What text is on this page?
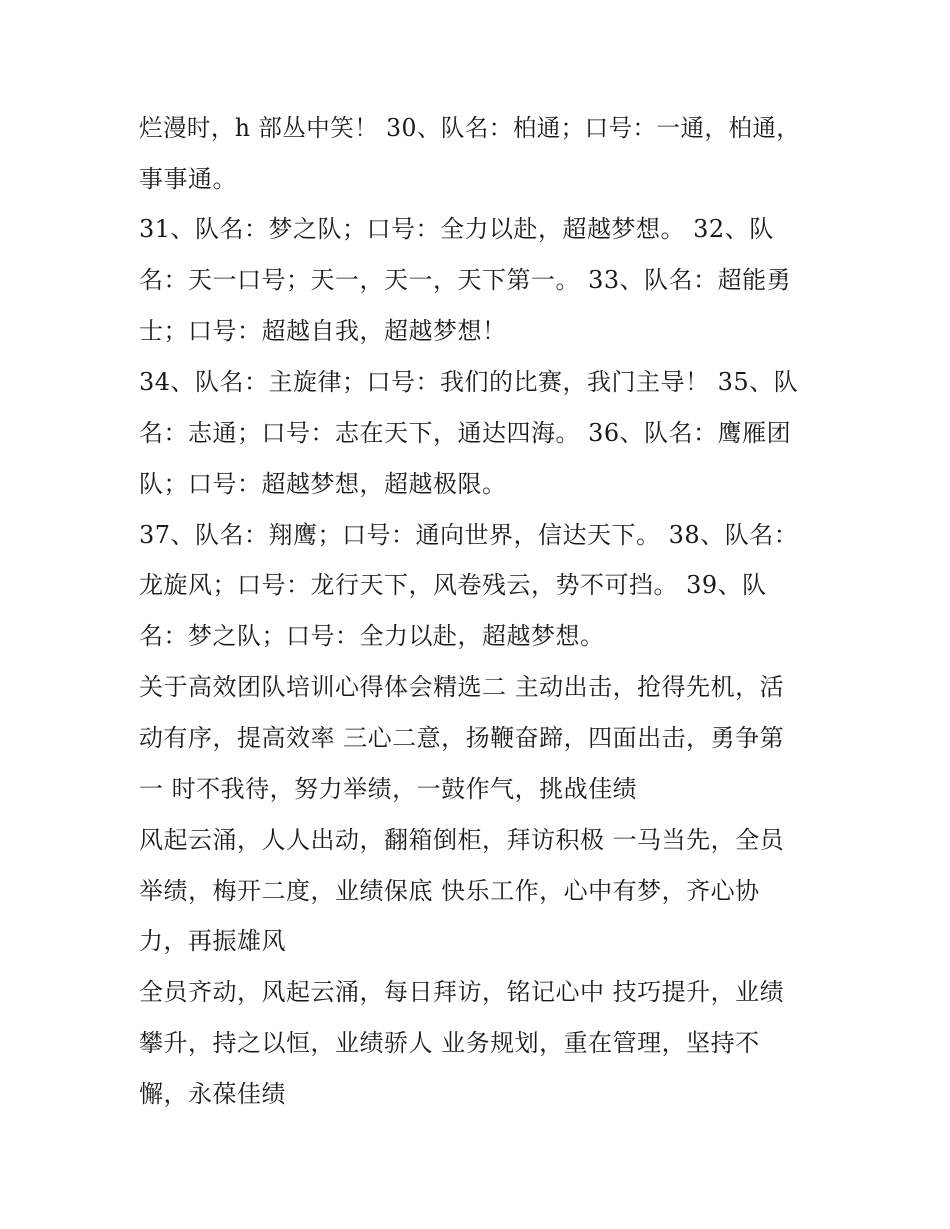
烂漫时，h 部丛中笑！ 30、队名：柏通；口号：一通，柏通，
事事通。
31、队名：梦之队；口号：全力以赴，超越梦想。 32、队
名：天一口号；天一，天一，天下第一。 33、队名：超能勇
士；口号：超越自我，超越梦想！
34、队名：主旋律；口号：我们的比赛，我门主导！ 35、队
名：志通；口号：志在天下，通达四海。 36、队名：鹰雁团
队；口号：超越梦想，超越极限。
37、队名：翔鹰；口号：通向世界，信达天下。 38、队名：
龙旋风；口号：龙行天下，风卷残云，势不可挡。 39、队
名：梦之队；口号：全力以赴，超越梦想。
关于高效团队培训心得体会精选二 主动出击，抢得先机，活
动有序，提高效率 三心二意，扬鞭奋蹄，四面出击，勇争第
一 时不我待，努力举绩，一鼓作气，挑战佳绩
风起云涌，人人出动，翻箱倒柜，拜访积极 一马当先，全员
举绩，梅开二度，业绩保底 快乐工作，心中有梦，齐心协
力，再振雄风
全员齐动，风起云涌，每日拜访，铭记心中 技巧提升，业绩
攀升，持之以恒，业绩骄人 业务规划，重在管理，坚持不
懈，永葆佳绩
